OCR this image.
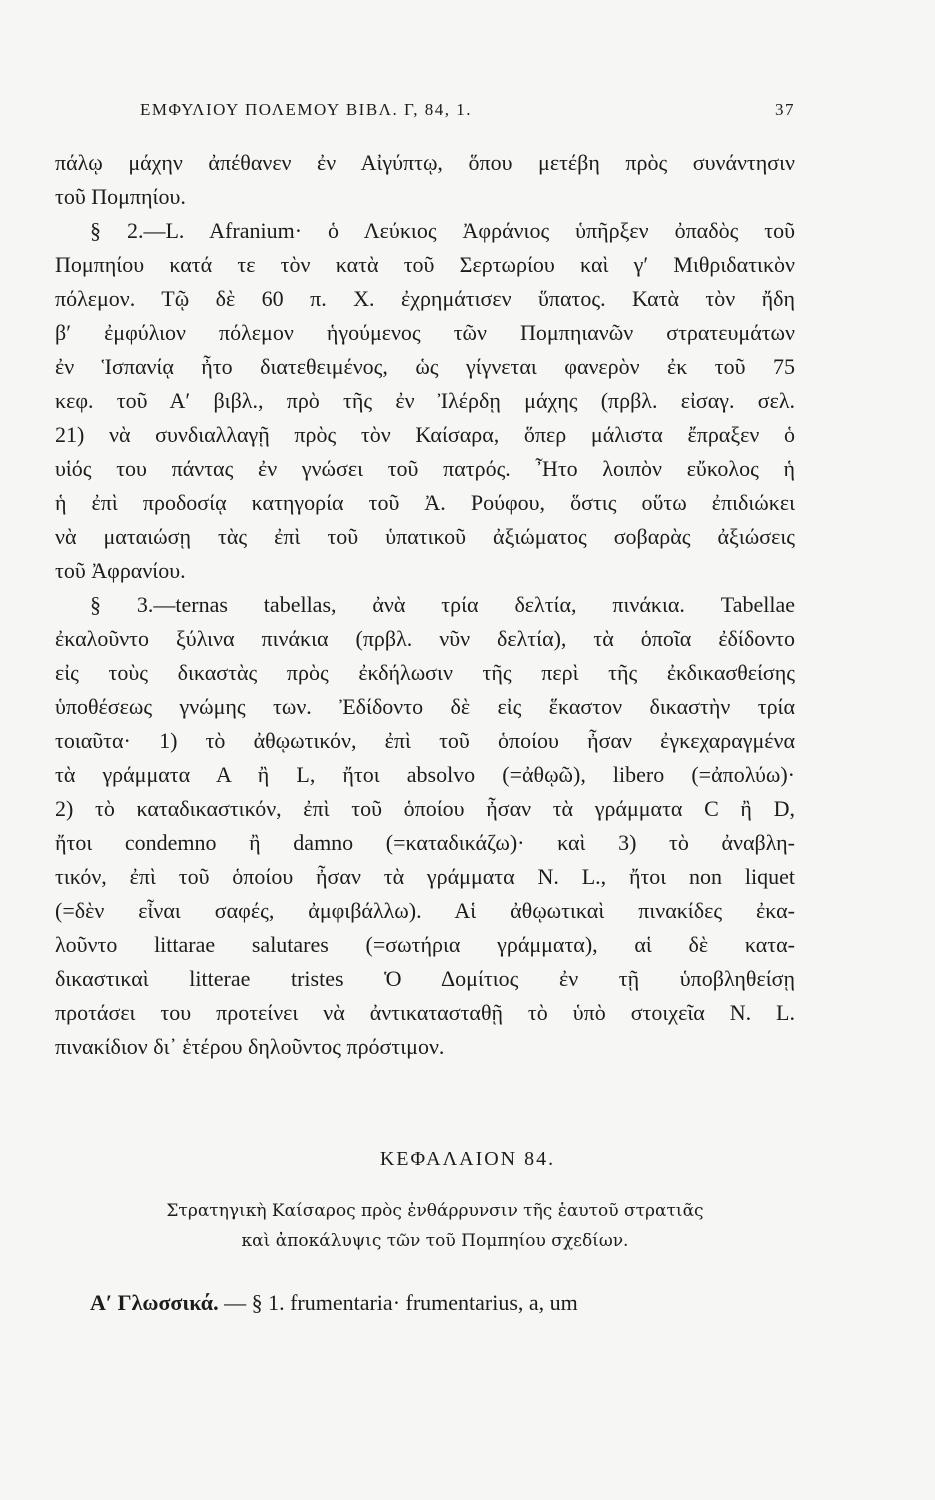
ΕΜΦΥΛΙΟΥ ΠΟΛΕΜΟΥ ΒΙΒΛ. Γ, 84, 1.	37
πάλῳ μάχην ἀπέθανεν ἐν Αἰγύπτῳ, ὅπου μετέβη πρὸς συνάντησιν
τοῦ Πομπηίου.
§ 2.—L. Afranium· ὁ Λεύκιος Ἀφράνιος ὑπῆρξεν ὀπαδὸς τοῦ
Πομπηίου κατά τε τὸν κατὰ τοῦ Σερτωρίου καὶ γ′ Μιθριδατικὸν
πόλεμον. Τῷ δὲ 60 π. Χ. ἐχρημάτισεν ὕπατος. Κατὰ τὸν ἤδη
β′ ἐμφύλιον πόλεμον ἡγούμενος τῶν Πομπηιανῶν στρατευμάτων
ἐν Ἱσπανίᾳ ἦτο διατεθειμένος, ὡς γίγνεται φανερὸν ἐκ τοῦ 75
κεφ. τοῦ Α′ βιβλ., πρὸ τῆς ἐν Ἰλέρδῃ μάχης (πρβλ. εἰσαγ. σελ.
21) νὰ συνδιαλλαγῇ πρὸς τὸν Καίσαρα, ὅπερ μάλιστα ἔπραξεν ὁ
υἱός του πάντας ἐν γνώσει τοῦ πατρός. Ἦτο λοιπὸν εὔκολος ἡ
ἡ ἐπὶ προδοσίᾳ κατηγορία τοῦ Ἀ. Ρούφου, ὅστις οὕτω ἐπιδιώκει
νὰ ματαιώσῃ τὰς ἐπὶ τοῦ ὑπατικοῦ ἀξιώματος σοβαρὰς ἀξιώσεις
τοῦ Ἀφρανίου.
§ 3.—ternas tabellas, ἀνὰ τρία δελτία, πινάκια. Tabellae
ἐκαλοῦντο ξύλινα πινάκια (πρβλ. νῦν δελτία), τὰ ὁποῖα ἐδίδοντο
εἰς τοὺς δικαστὰς πρὸς ἐκδήλωσιν τῆς περὶ τῆς ἐκδικασθείσης
ὑποθέσεως γνώμης των. Ἐδίδοντο δὲ εἰς ἕκαστον δικαστὴν τρία
τοιαῦτα· 1) τὸ ἀθῳωτικόν, ἐπὶ τοῦ ὁποίου ἦσαν ἐγκεχαραγμένα
τὰ γράμματα Α ἢ L, ἤτοι absolvo (=ἀθῳῶ), libero (=ἀπολύω)·
2) τὸ καταδικαστικόν, ἐπὶ τοῦ ὁποίου ἦσαν τὰ γράμματα C ἢ D,
ἤτοι condemno ἢ damno (=καταδικάζω)· καὶ 3) τὸ ἀναβλη-
τικόν, ἐπὶ τοῦ ὁποίου ἦσαν τὰ γράμματα N. L., ἤτοι non liquet
(=δὲν εἶναι σαφές, ἀμφιβάλλω). Αἱ ἀθῳωτικαὶ πινακίδες ἐκα-
λοῦντο littarae salutares (=σωτήρια γράμματα), αἱ δὲ κατα-
δικαστικαὶ litterae tristes Ὁ Δομίτιος ἐν τῇ ὑποβληθείσῃ
προτάσει του προτείνει νὰ ἀντικατασταθῇ τὸ ὑπὸ στοιχεῖα N. L.
πινακίδιον δι᾽ ἑτέρου δηλοῦντος πρόστιμον.
ΚΕΦΑΛΑΙΟΝ 84.
Στρατηγικὴ Καίσαρος πρὸς ἐνθάρρυνσιν τῆς ἑαυτοῦ στρατιᾶς
καὶ ἀποκάλυψις τῶν τοῦ Πομπηίου σχεδίων.
Α′ Γλωσσικά. — § 1. frumentaria· frumentarius, a, um
